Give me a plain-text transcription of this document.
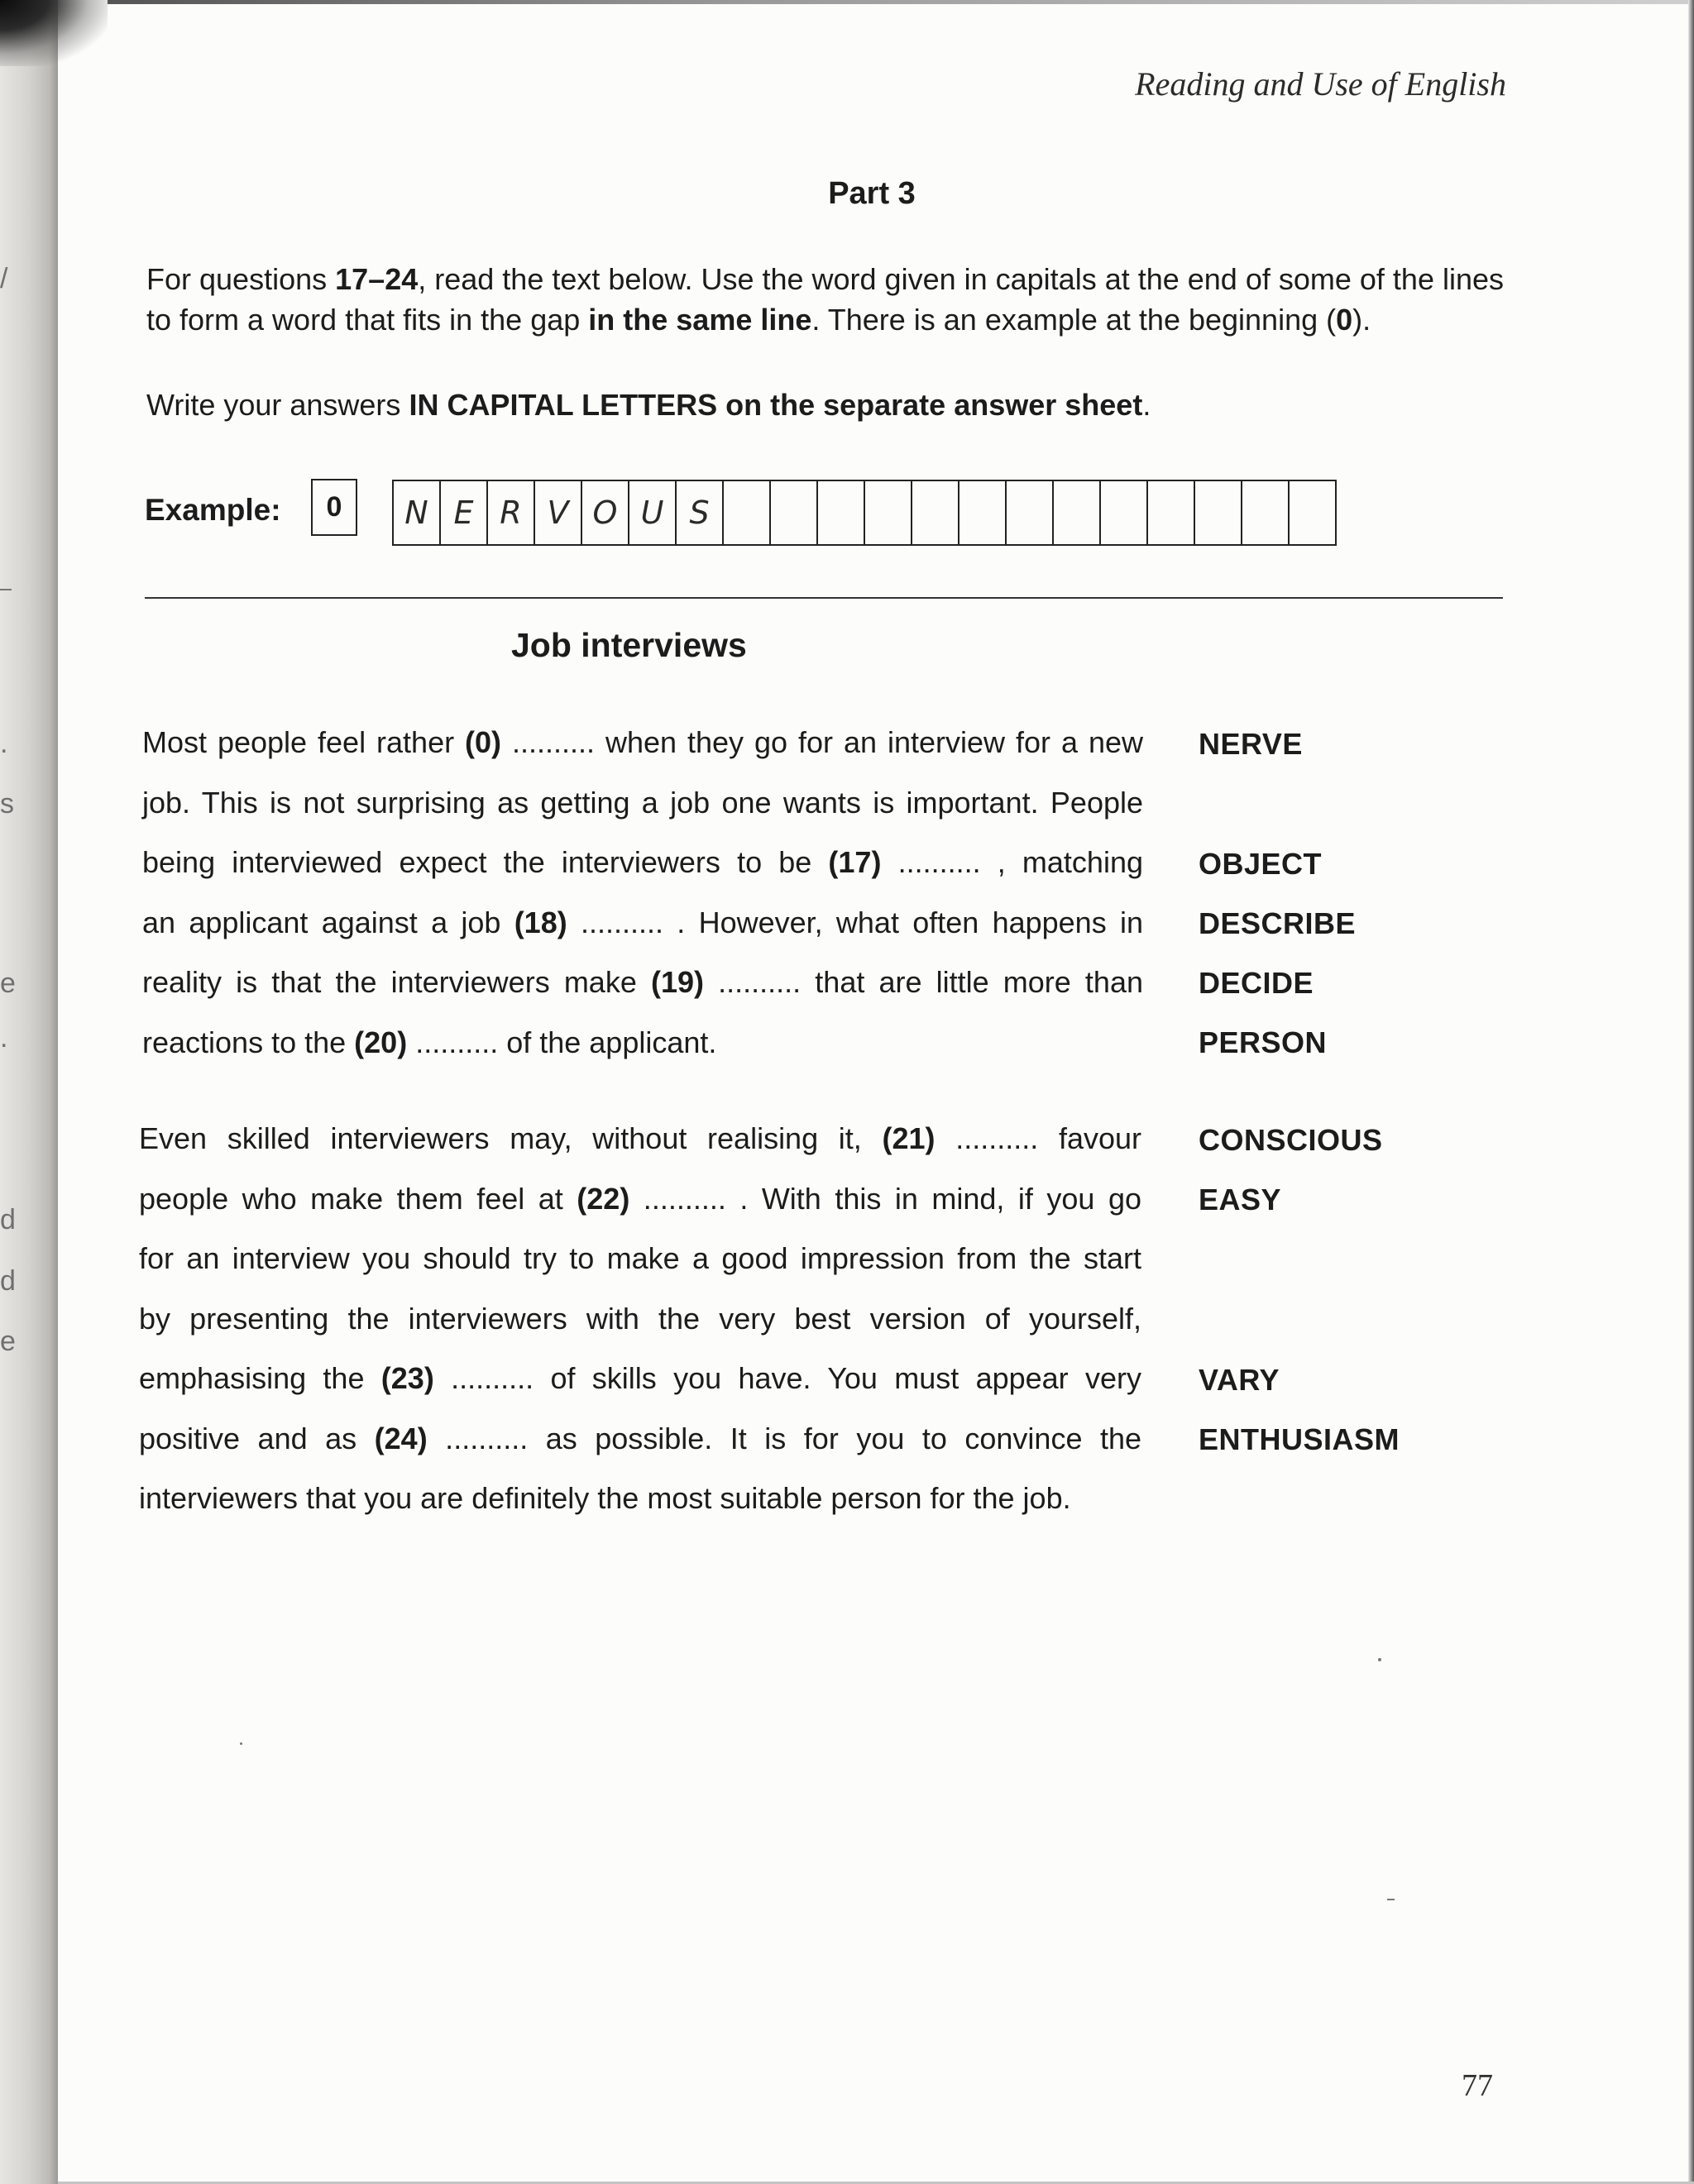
/
.
s
e
.
d
d
e
Reading and Use of English
Part 3
For questions 17–24, read the text below. Use the word given in capitals at the end of some of the lines to form a word that fits in the gap in the same line. There is an example at the beginning (0).
Write your answers IN CAPITAL LETTERS on the separate answer sheet.
Example:	0	N E R V O U S
Job interviews
Most people feel rather (0) .......... when they go for an interview for a new
job. This is not surprising as getting a job one wants is important. People
being interviewed expect the interviewers to be (17) .......... , matching
an applicant against a job (18) .......... . However, what often happens in
reality is that the interviewers make (19) .......... that are little more than
reactions to the (20) .......... of the applicant.
Even skilled interviewers may, without realising it, (21) .......... favour
people who make them feel at (22) .......... . With this in mind, if you go
for an interview you should try to make a good impression from the start
by presenting the interviewers with the very best version of yourself,
emphasising the (23) .......... of skills you have. You must appear very
positive and as (24) .......... as possible. It is for you to convince the
interviewers that you are definitely the most suitable person for the job.
NERVE
OBJECT
DESCRIBE
DECIDE
PERSON
CONSCIOUS
EASY
VARY
ENTHUSIASM
77
